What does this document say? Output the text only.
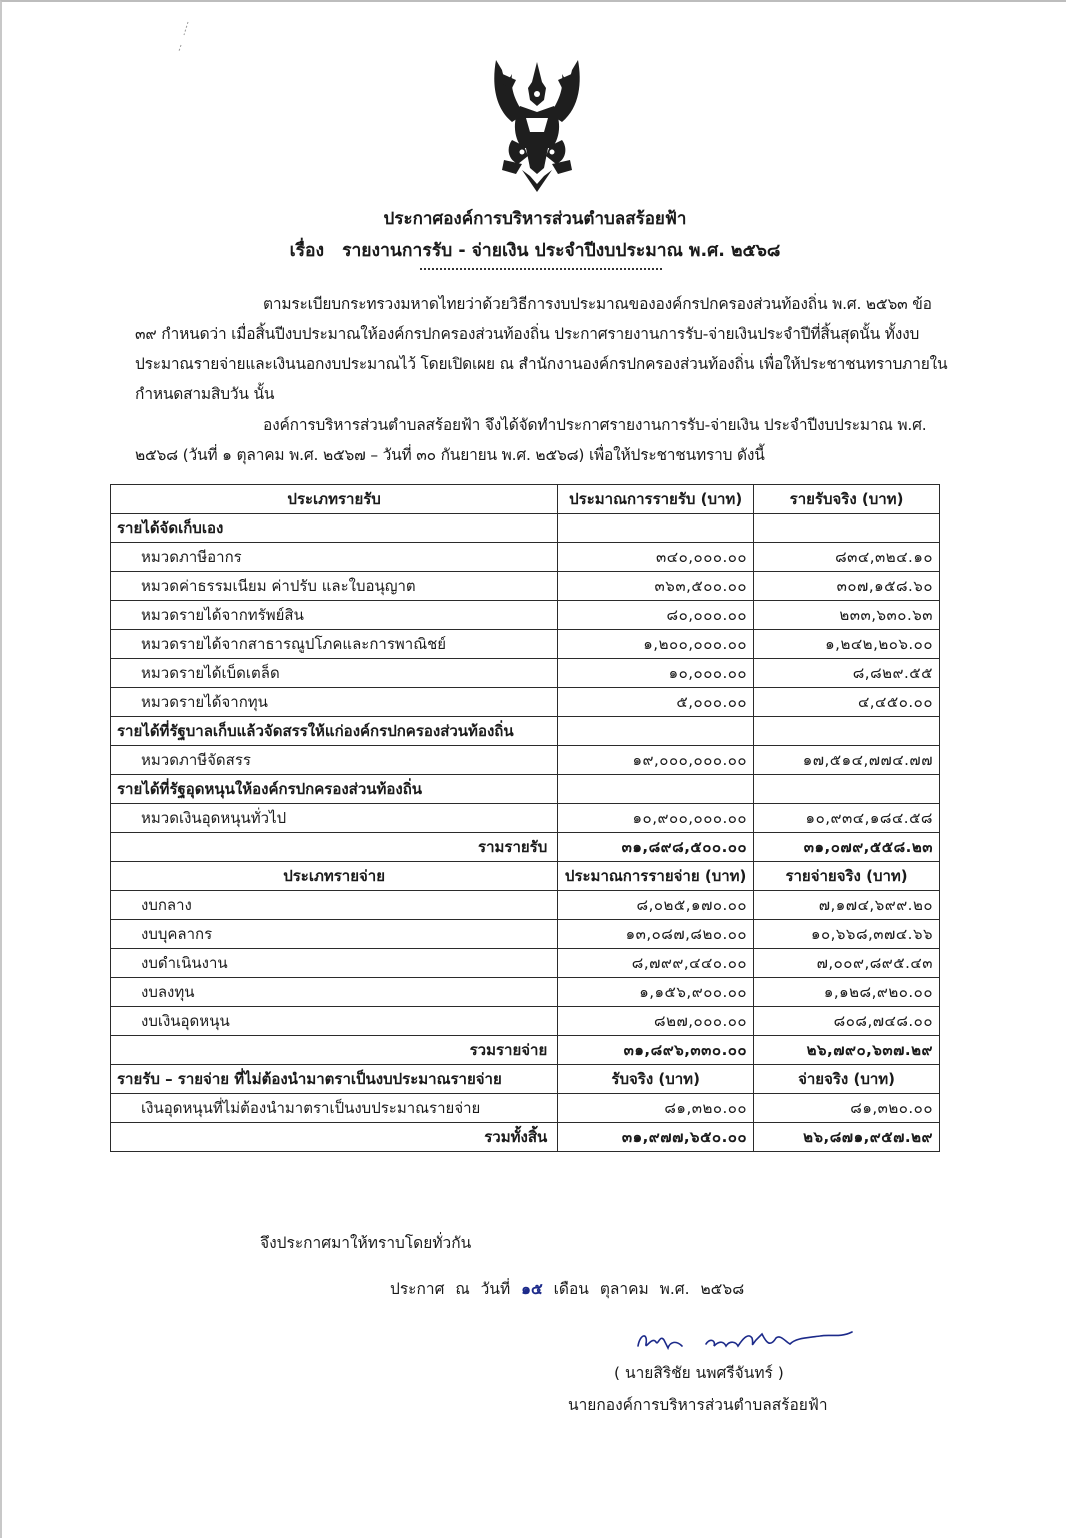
ประกาศองค์การบริหารส่วนตำบลสร้อยฟ้า
เรื่อง รายงานการรับ - จ่ายเงิน ประจำปีงบประมาณ พ.ศ. ๒๕๖๘
ตามระเบียบกระทรวงมหาดไทยว่าด้วยวิธีการงบประมาณขององค์กรปกครองส่วนท้องถิ่น พ.ศ. ๒๕๖๓ ข้อ ๓๙ กำหนดว่า เมื่อสิ้นปีงบประมาณให้องค์กรปกครองส่วนท้องถิ่น ประกาศรายงานการรับ-จ่ายเงินประจำปีที่สิ้นสุดนั้น ทั้งงบประมาณรายจ่ายและเงินนอกงบประมาณไว้ โดยเปิดเผย ณ สำนักงานองค์กรปกครองส่วนท้องถิ่น เพื่อให้ประชาชนทราบภายในกำหนดสามสิบวัน นั้น
องค์การบริหารส่วนตำบลสร้อยฟ้า จึงได้จัดทำประกาศรายงานการรับ-จ่ายเงิน ประจำปีงบประมาณ พ.ศ. ๒๕๖๘ (วันที่ ๑ ตุลาคม พ.ศ. ๒๕๖๗ – วันที่ ๓๐ กันยายน พ.ศ. ๒๕๖๘) เพื่อให้ประชาชนทราบ ดังนี้
ประเภทรายรับ	ประมาณการรายรับ (บาท)	รายรับจริง (บาท)
รายได้จัดเก็บเอง		
หมวดภาษีอากร	๓๔๐,๐๐๐.๐๐	๘๓๔,๓๒๔.๑๐
หมวดค่าธรรมเนียม ค่าปรับ และใบอนุญาต	๓๖๓,๕๐๐.๐๐	๓๐๗,๑๕๘.๖๐
หมวดรายได้จากทรัพย์สิน	๘๐,๐๐๐.๐๐	๒๓๓,๖๓๐.๖๓
หมวดรายได้จากสาธารณูปโภคและการพาณิชย์	๑,๒๐๐,๐๐๐.๐๐	๑,๒๔๒,๒๐๖.๐๐
หมวดรายได้เบ็ดเตล็ด	๑๐,๐๐๐.๐๐	๘,๘๒๙.๕๕
หมวดรายได้จากทุน	๕,๐๐๐.๐๐	๔,๔๕๐.๐๐
รายได้ที่รัฐบาลเก็บแล้วจัดสรรให้แก่องค์กรปกครองส่วนท้องถิ่น		
หมวดภาษีจัดสรร	๑๙,๐๐๐,๐๐๐.๐๐	๑๗,๕๑๔,๗๗๔.๗๗
รายได้ที่รัฐอุดหนุนให้องค์กรปกครองส่วนท้องถิ่น		
หมวดเงินอุดหนุนทั่วไป	๑๐,๙๐๐,๐๐๐.๐๐	๑๐,๙๓๔,๑๘๔.๕๘
รามรายรับ	๓๑,๘๙๘,๕๐๐.๐๐	๓๑,๐๗๙,๕๕๘.๒๓
ประเภทรายจ่าย	ประมาณการรายจ่าย (บาท)	รายจ่ายจริง (บาท)
งบกลาง	๘,๐๒๕,๑๗๐.๐๐	๗,๑๗๔,๖๙๙.๒๐
งบบุคลากร	๑๓,๐๘๗,๘๒๐.๐๐	๑๐,๖๖๘,๓๗๔.๖๖
งบดำเนินงาน	๘,๗๙๙,๔๔๐.๐๐	๗,๐๐๙,๘๙๕.๔๓
งบลงทุน	๑,๑๕๖,๙๐๐.๐๐	๑,๑๒๘,๙๒๐.๐๐
งบเงินอุดหนุน	๘๒๗,๐๐๐.๐๐	๘๐๘,๗๔๘.๐๐
รวมรายจ่าย	๓๑,๘๙๖,๓๓๐.๐๐	๒๖,๗๙๐,๖๓๗.๒๙
รายรับ – รายจ่าย ที่ไม่ต้องนำมาตราเป็นงบประมาณรายจ่าย	รับจริง (บาท)	จ่ายจริง (บาท)
เงินอุดหนุนที่ไม่ต้องนำมาตราเป็นงบประมาณรายจ่าย	๘๑,๓๒๐.๐๐	๘๑,๓๒๐.๐๐
รวมทั้งสิ้น	๓๑,๙๗๗,๖๕๐.๐๐	๒๖,๘๗๑,๙๕๗.๒๙
จึงประกาศมาให้ทราบโดยทั่วกัน
ประกาศ ณ วันที่ ๑๕ เดือน ตุลาคม พ.ศ. ๒๕๖๘
( นายสิริชัย นพศรีจันทร์ )
นายกองค์การบริหารส่วนตำบลสร้อยฟ้า
